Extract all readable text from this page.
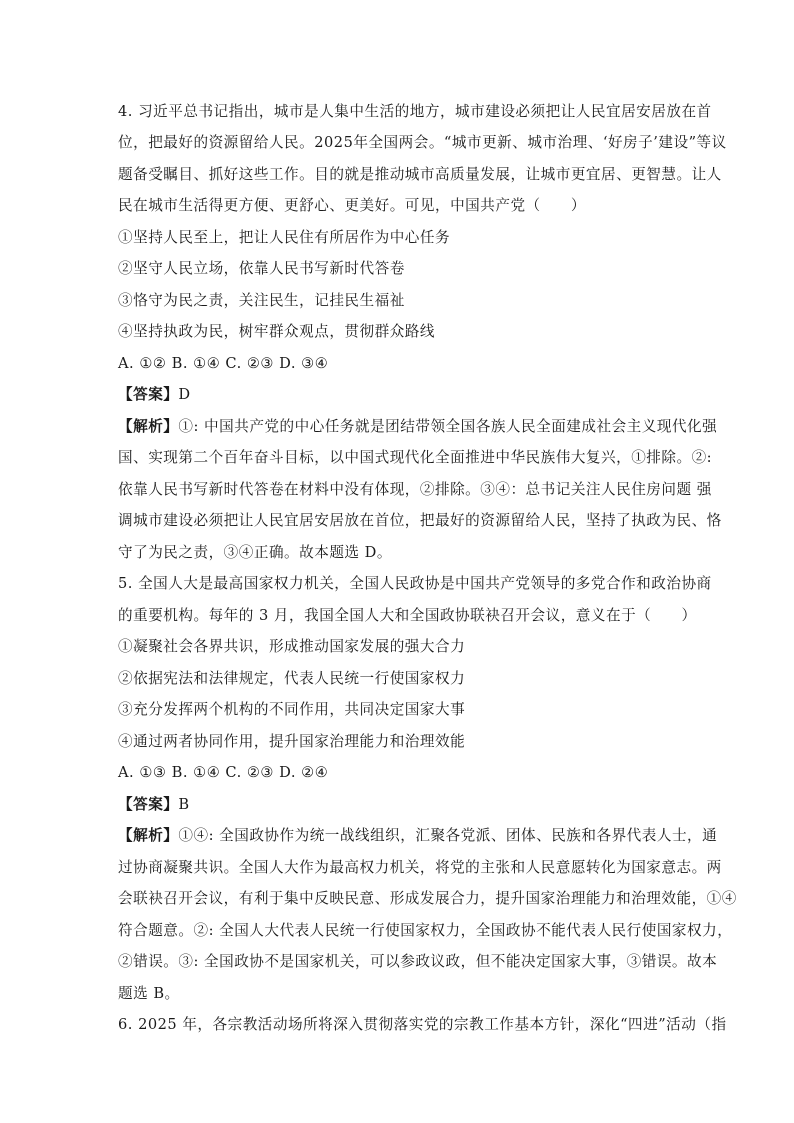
4. 习近平总书记指出，城市是人集中生活的地方，城市建设必须把让人民宜居安居放在首
位，把最好的资源留给人民。2025年全国两会。“城市更新、城市治理、‘好房子’建设”等议
题备受瞩目、抓好这些工作。目的就是推动城市高质量发展，让城市更宜居、更智慧。让人
民在城市生活得更方便、更舒心、更美好。可见，中国共产党（　　）
①坚持人民至上，把让人民住有所居作为中心任务
②坚守人民立场，依靠人民书写新时代答卷
③恪守为民之责，关注民生，记挂民生福祉
④坚持执政为民，树牢群众观点，贯彻群众路线
A. ①② B. ①④ C. ②③ D. ③④
【答案】 D
【解析】 ①: 中国共产党的中心任务就是团结带领全国各族人民全面建成社会主义现代化强
国、实现第二个百年奋斗目标，以中国式现代化全面推进中华民族伟大复兴，①排除。②:
依靠人民书写新时代答卷在材料中没有体现，②排除。③④：总书记关注人民住房问题 强
调城市建设必须把让人民宜居安居放在首位，把最好的资源留给人民，坚持了执政为民、恪
守了为民之责，③④正确。故本题选 D。
5. 全国人大是最高国家权力机关，全国人民政协是中国共产党领导的多党合作和政治协商
的重要机构。每年的 3 月，我国全国人大和全国政协联袂召开会议，意义在于（　　）
①凝聚社会各界共识，形成推动国家发展的强大合力
②依据宪法和法律规定，代表人民统一行使国家权力
③充分发挥两个机构的不同作用，共同决定国家大事
④通过两者协同作用，提升国家治理能力和治理效能
A. ①③ B. ①④ C. ②③ D. ②④
【答案】 B
【解析】 ①④: 全国政协作为统一战线组织，汇聚各党派、团体、民族和各界代表人士，通
过协商凝聚共识。全国人大作为最高权力机关，将党的主张和人民意愿转化为国家意志。两
会联袂召开会议，有利于集中反映民意、形成发展合力，提升国家治理能力和治理效能，①④
符合题意。②: 全国人大代表人民统一行使国家权力，全国政协不能代表人民行使国家权力，
②错误。③: 全国政协不是国家机关，可以参政议政，但不能决定国家大事，③错误。故本
题选 B。
6. 2025 年，各宗教活动场所将深入贯彻落实党的宗教工作基本方针，深化“四进”活动（指
